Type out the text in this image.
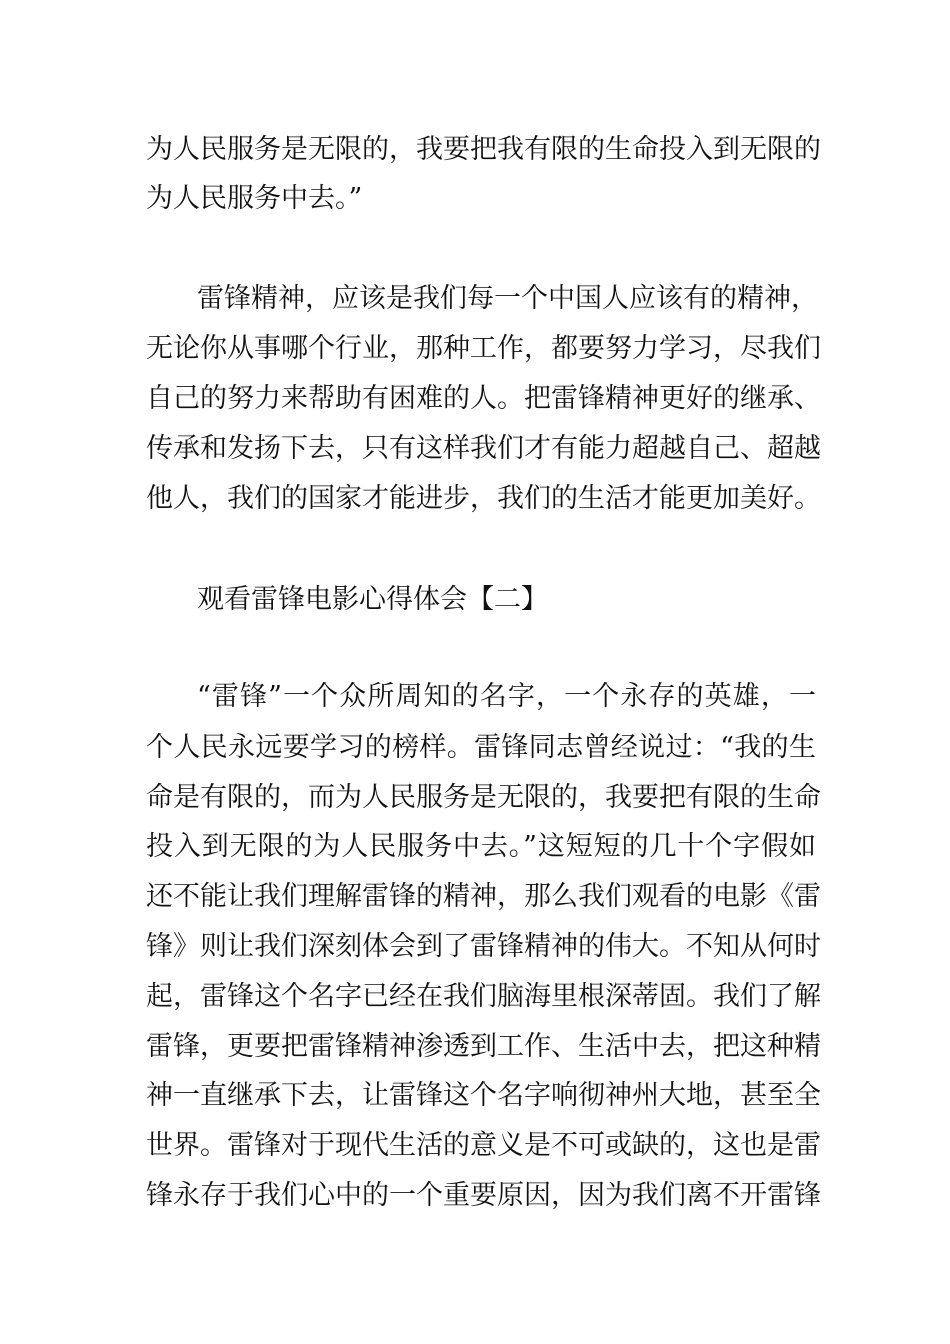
为人民服务是无限的，我要把我有限的生命投入到无限的
为人民服务中去。”
雷锋精神，应该是我们每一个中国人应该有的精神，
无论你从事哪个行业，那种工作，都要努力学习，尽我们
自己的努力来帮助有困难的人。把雷锋精神更好的继承、
传承和发扬下去，只有这样我们才有能力超越自己、超越
他人，我们的国家才能进步，我们的生活才能更加美好。
观看雷锋电影心得体会【二】
“雷锋”一个众所周知的名字，一个永存的英雄，一
个人民永远要学习的榜样。雷锋同志曾经说过：“我的生
命是有限的，而为人民服务是无限的，我要把有限的生命
投入到无限的为人民服务中去。”这短短的几十个字假如
还不能让我们理解雷锋的精神，那么我们观看的电影《雷
锋》则让我们深刻体会到了雷锋精神的伟大。不知从何时
起，雷锋这个名字已经在我们脑海里根深蒂固。我们了解
雷锋，更要把雷锋精神渗透到工作、生活中去，把这种精
神一直继承下去，让雷锋这个名字响彻神州大地，甚至全
世界。雷锋对于现代生活的意义是不可或缺的，这也是雷
锋永存于我们心中的一个重要原因，因为我们离不开雷锋
